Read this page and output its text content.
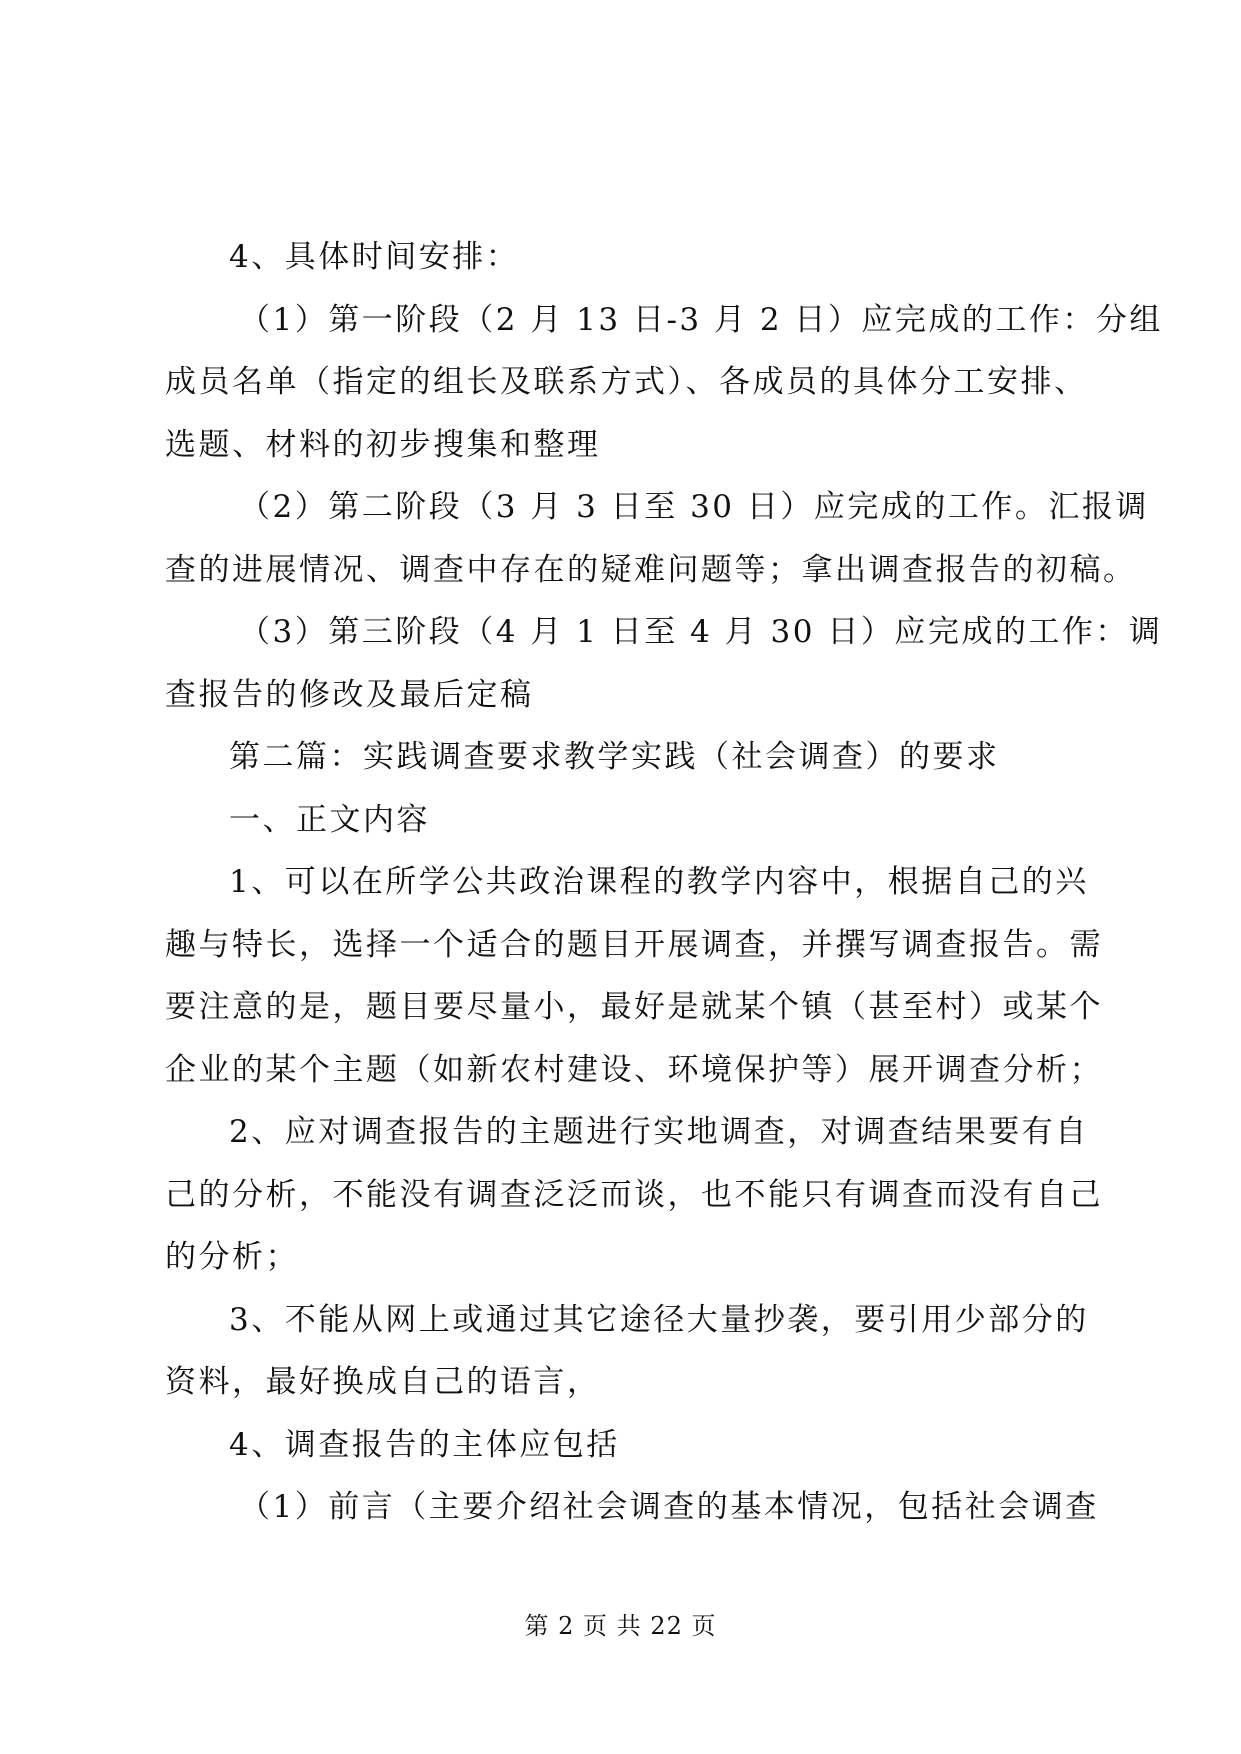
4、具体时间安排：

（1）第一阶段（2 月 13 日-3 月 2 日）应完成的工作：分组

成员名单（指定的组长及联系方式）、各成员的具体分工安排、

选题、材料的初步搜集和整理

（2）第二阶段（3 月 3 日至 30 日）应完成的工作。汇报调

查的进展情况、调查中存在的疑难问题等；拿出调查报告的初稿。

（3）第三阶段（4 月 1 日至 4 月 30 日）应完成的工作：调

查报告的修改及最后定稿

第二篇：实践调查要求教学实践（社会调查）的要求

一、正文内容

1、可以在所学公共政治课程的教学内容中，根据自己的兴

趣与特长，选择一个适合的题目开展调查，并撰写调查报告。需

要注意的是，题目要尽量小，最好是就某个镇（甚至村）或某个

企业的某个主题（如新农村建设、环境保护等）展开调查分析；

2、应对调查报告的主题进行实地调查，对调查结果要有自

己的分析，不能没有调查泛泛而谈，也不能只有调查而没有自己

的分析；

3、不能从网上或通过其它途径大量抄袭，要引用少部分的

资料，最好换成自己的语言，

4、调查报告的主体应包括

（1）前言（主要介绍社会调查的基本情况，包括社会调查

第 2 页 共 22 页
